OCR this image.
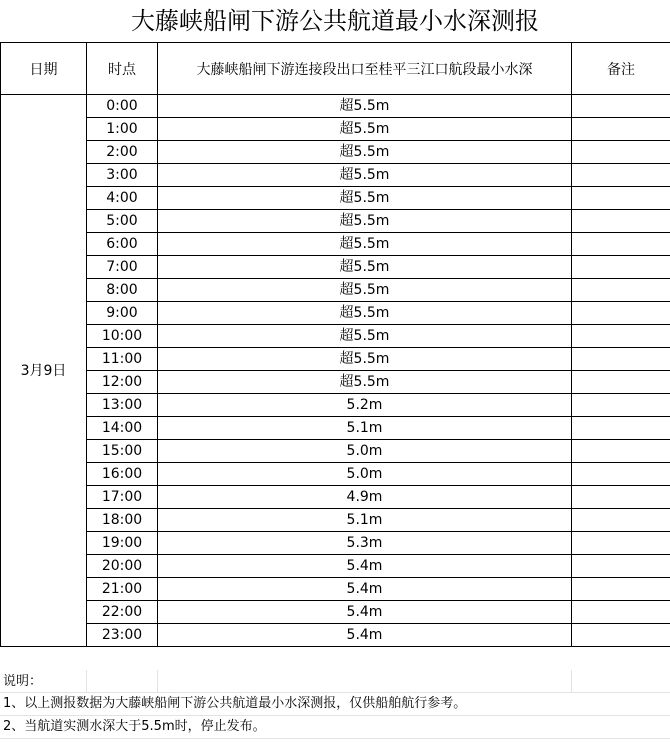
大藤峡船闸下游公共航道最小水深测报
日期	时点	大藤峡船闸下游连接段出口至桂平三江口航段最小水深	备注
3月9日	0:00	超5.5m	
	1:00	超5.5m	
	2:00	超5.5m	
	3:00	超5.5m	
	4:00	超5.5m	
	5:00	超5.5m	
	6:00	超5.5m	
	7:00	超5.5m	
	8:00	超5.5m	
	9:00	超5.5m	
	10:00	超5.5m	
	11:00	超5.5m	
	12:00	超5.5m	
	13:00	5.2m	
	14:00	5.1m	
	15:00	5.0m	
	16:00	5.0m	
	17:00	4.9m	
	18:00	5.1m	
	19:00	5.3m	
	20:00	5.4m	
	21:00	5.4m	
	22:00	5.4m	
	23:00	5.4m	
说明：
1、以上测报数据为大藤峡船闸下游公共航道最小水深测报，仅供船舶航行参考。
2、当航道实测水深大于5.5m时，停止发布。
